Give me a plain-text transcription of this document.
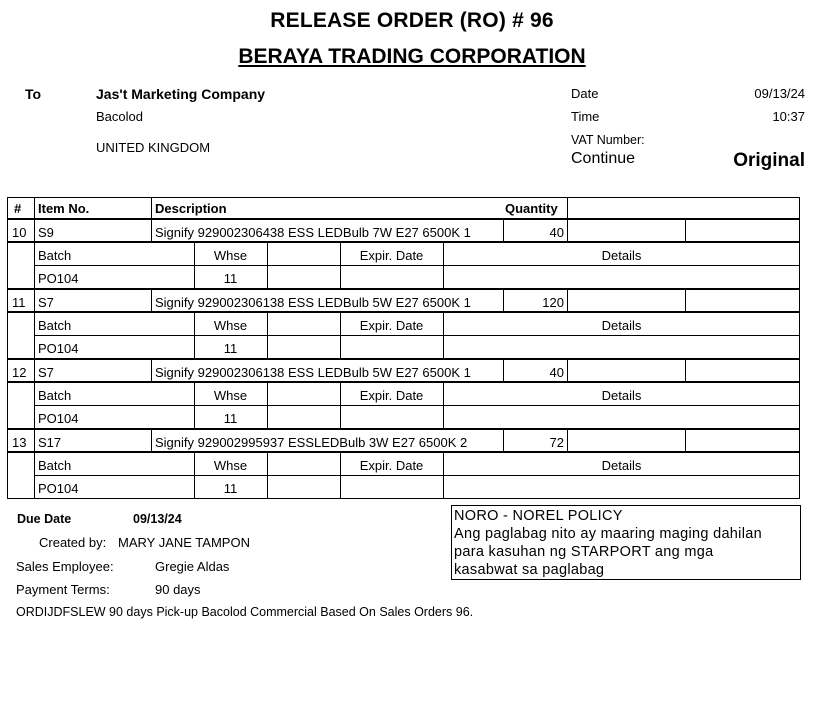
RELEASE ORDER (RO) # 96
BERAYA TRADING CORPORATION
To	Jas't Marketing Company
Bacolod
UNITED KINGDOM
Date	09/13/24
Time	10:37
VAT Number:
Continue	Original
#	Item No.	Description	Quantity
10 S9	Signify 929002306438 ESS LEDBulb 7W E27 6500K 1	40
Batch	Whse	Expir. Date	Details
PO104	11
11 S7	Signify 929002306138 ESS LEDBulb 5W E27 6500K 1	120
Batch	Whse	Expir. Date	Details
PO104	11
12 S7	Signify 929002306138 ESS LEDBulb 5W E27 6500K 1	40
Batch	Whse	Expir. Date	Details
PO104	11
13 S17	Signify 929002995937 ESSLEDBulb 3W E27 6500K 2	72
Batch	Whse	Expir. Date	Details
PO104	11
Due Date	09/13/24
Created by: MARY JANE TAMPON
Sales Employee:	Gregie Aldas
Payment Terms:	90 days
ORDIJDFSLEW 90 days Pick-up Bacolod Commercial Based On Sales Orders 96.
NORO - NOREL POLICY
Ang paglabag nito ay maaring maging dahilan
para kasuhan ng STARPORT ang mga
kasabwat sa paglabag
